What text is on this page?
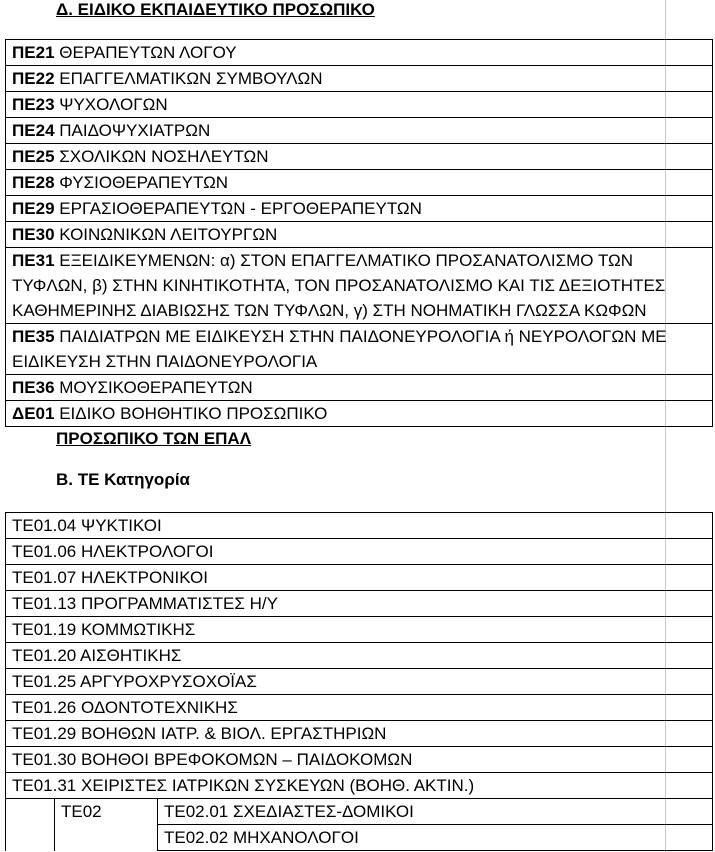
Δ. ΕΙΔΙΚΟ ΕΚΠΑΙΔΕΥΤΙΚΟ ΠΡΟΣΩΠΙΚΟ
ΠΕ21 ΘΕΡΑΠΕΥΤΩΝ ΛΟΓΟΥ
ΠΕ22 ΕΠΑΓΓΕΛΜΑΤΙΚΩΝ ΣΥΜΒΟΥΛΩΝ
ΠΕ23 ΨΥΧΟΛΟΓΩΝ
ΠΕ24 ΠΑΙΔΟΨΥΧΙΑΤΡΩΝ
ΠΕ25 ΣΧΟΛΙΚΩΝ ΝΟΣΗΛΕΥΤΩΝ
ΠΕ28 ΦΥΣΙΟΘΕΡΑΠΕΥΤΩΝ
ΠΕ29 ΕΡΓΑΣΙΟΘΕΡΑΠΕΥΤΩΝ - ΕΡΓΟΘΕΡΑΠΕΥΤΩΝ
ΠΕ30 ΚΟΙΝΩΝΙΚΩΝ ΛΕΙΤΟΥΡΓΩΝ
ΠΕ31 ΕΞΕΙΔΙΚΕΥΜΕΝΩΝ: α) ΣΤΟΝ ΕΠΑΓΓΕΛΜΑΤΙΚΟ ΠΡΟΣΑΝΑΤΟΛΙΣΜΟ ΤΩΝ ΤΥΦΛΩΝ, β) ΣΤΗΝ ΚΙΝΗΤΙΚΟΤΗΤΑ, ΤΟΝ ΠΡΟΣΑΝΑΤΟΛΙΣΜΟ ΚΑΙ ΤΙΣ ΔΕΞΙΟΤΗΤΕΣ ΚΑΘΗΜΕΡΙΝΗΣ ΔΙΑΒΙΩΣΗΣ ΤΩΝ ΤΥΦΛΩΝ, γ) ΣΤΗ ΝΟΗΜΑΤΙΚΗ ΓΛΩΣΣΑ ΚΩΦΩΝ
ΠΕ35 ΠΑΙΔΙΑΤΡΩΝ ΜΕ ΕΙΔΙΚΕΥΣΗ ΣΤΗΝ ΠΑΙΔΟΝΕΥΡΟΛΟΓΙΑ ή ΝΕΥΡΟΛΟΓΩΝ ΜΕ ΕΙΔΙΚΕΥΣΗ ΣΤΗΝ ΠΑΙΔΟΝΕΥΡΟΛΟΓΙΑ
ΠΕ36 ΜΟΥΣΙΚΟΘΕΡΑΠΕΥΤΩΝ
ΔΕ01 ΕΙΔΙΚΟ ΒΟΗΘΗΤΙΚΟ ΠΡΟΣΩΠΙΚΟ
ΠΡΟΣΩΠΙΚΟ ΤΩΝ ΕΠΑΛ
Β. ΤΕ Κατηγορία
ΤΕ01.04 ΨΥΚΤΙΚΟΙ
ΤΕ01.06 ΗΛΕΚΤΡΟΛΟΓΟΙ
ΤΕ01.07 ΗΛΕΚΤΡΟΝΙΚΟΙ
ΤΕ01.13 ΠΡΟΓΡΑΜΜΑΤΙΣΤΕΣ Η/Υ
ΤΕ01.19 ΚΟΜΜΩΤΙΚΗΣ
ΤΕ01.20 ΑΙΣΘΗΤΙΚΗΣ
ΤΕ01.25 ΑΡΓΥΡΟΧΡΥΣΟΧΟΪΑΣ
ΤΕ01.26 ΟΔΟΝΤΟΤΕΧΝΙΚΗΣ
ΤΕ01.29 ΒΟΗΘΩΝ ΙΑΤΡ. & ΒΙΟΛ. ΕΡΓΑΣΤΗΡΙΩΝ
ΤΕ01.30 ΒΟΗΘΟΙ ΒΡΕΦΟΚΟΜΩΝ – ΠΑΙΔΟΚΟΜΩΝ
ΤΕ01.31 ΧΕΙΡΙΣΤΕΣ ΙΑΤΡΙΚΩΝ ΣΥΣΚΕΥΩΝ (ΒΟΗΘ. ΑΚΤΙΝ.)
	ΤΕ02	ΤΕ02.01 ΣΧΕΔΙΑΣΤΕΣ-ΔΟΜΙΚΟΙ
ΤΕ02.02 ΜΗΧΑΝΟΛΟΓΟΙ
